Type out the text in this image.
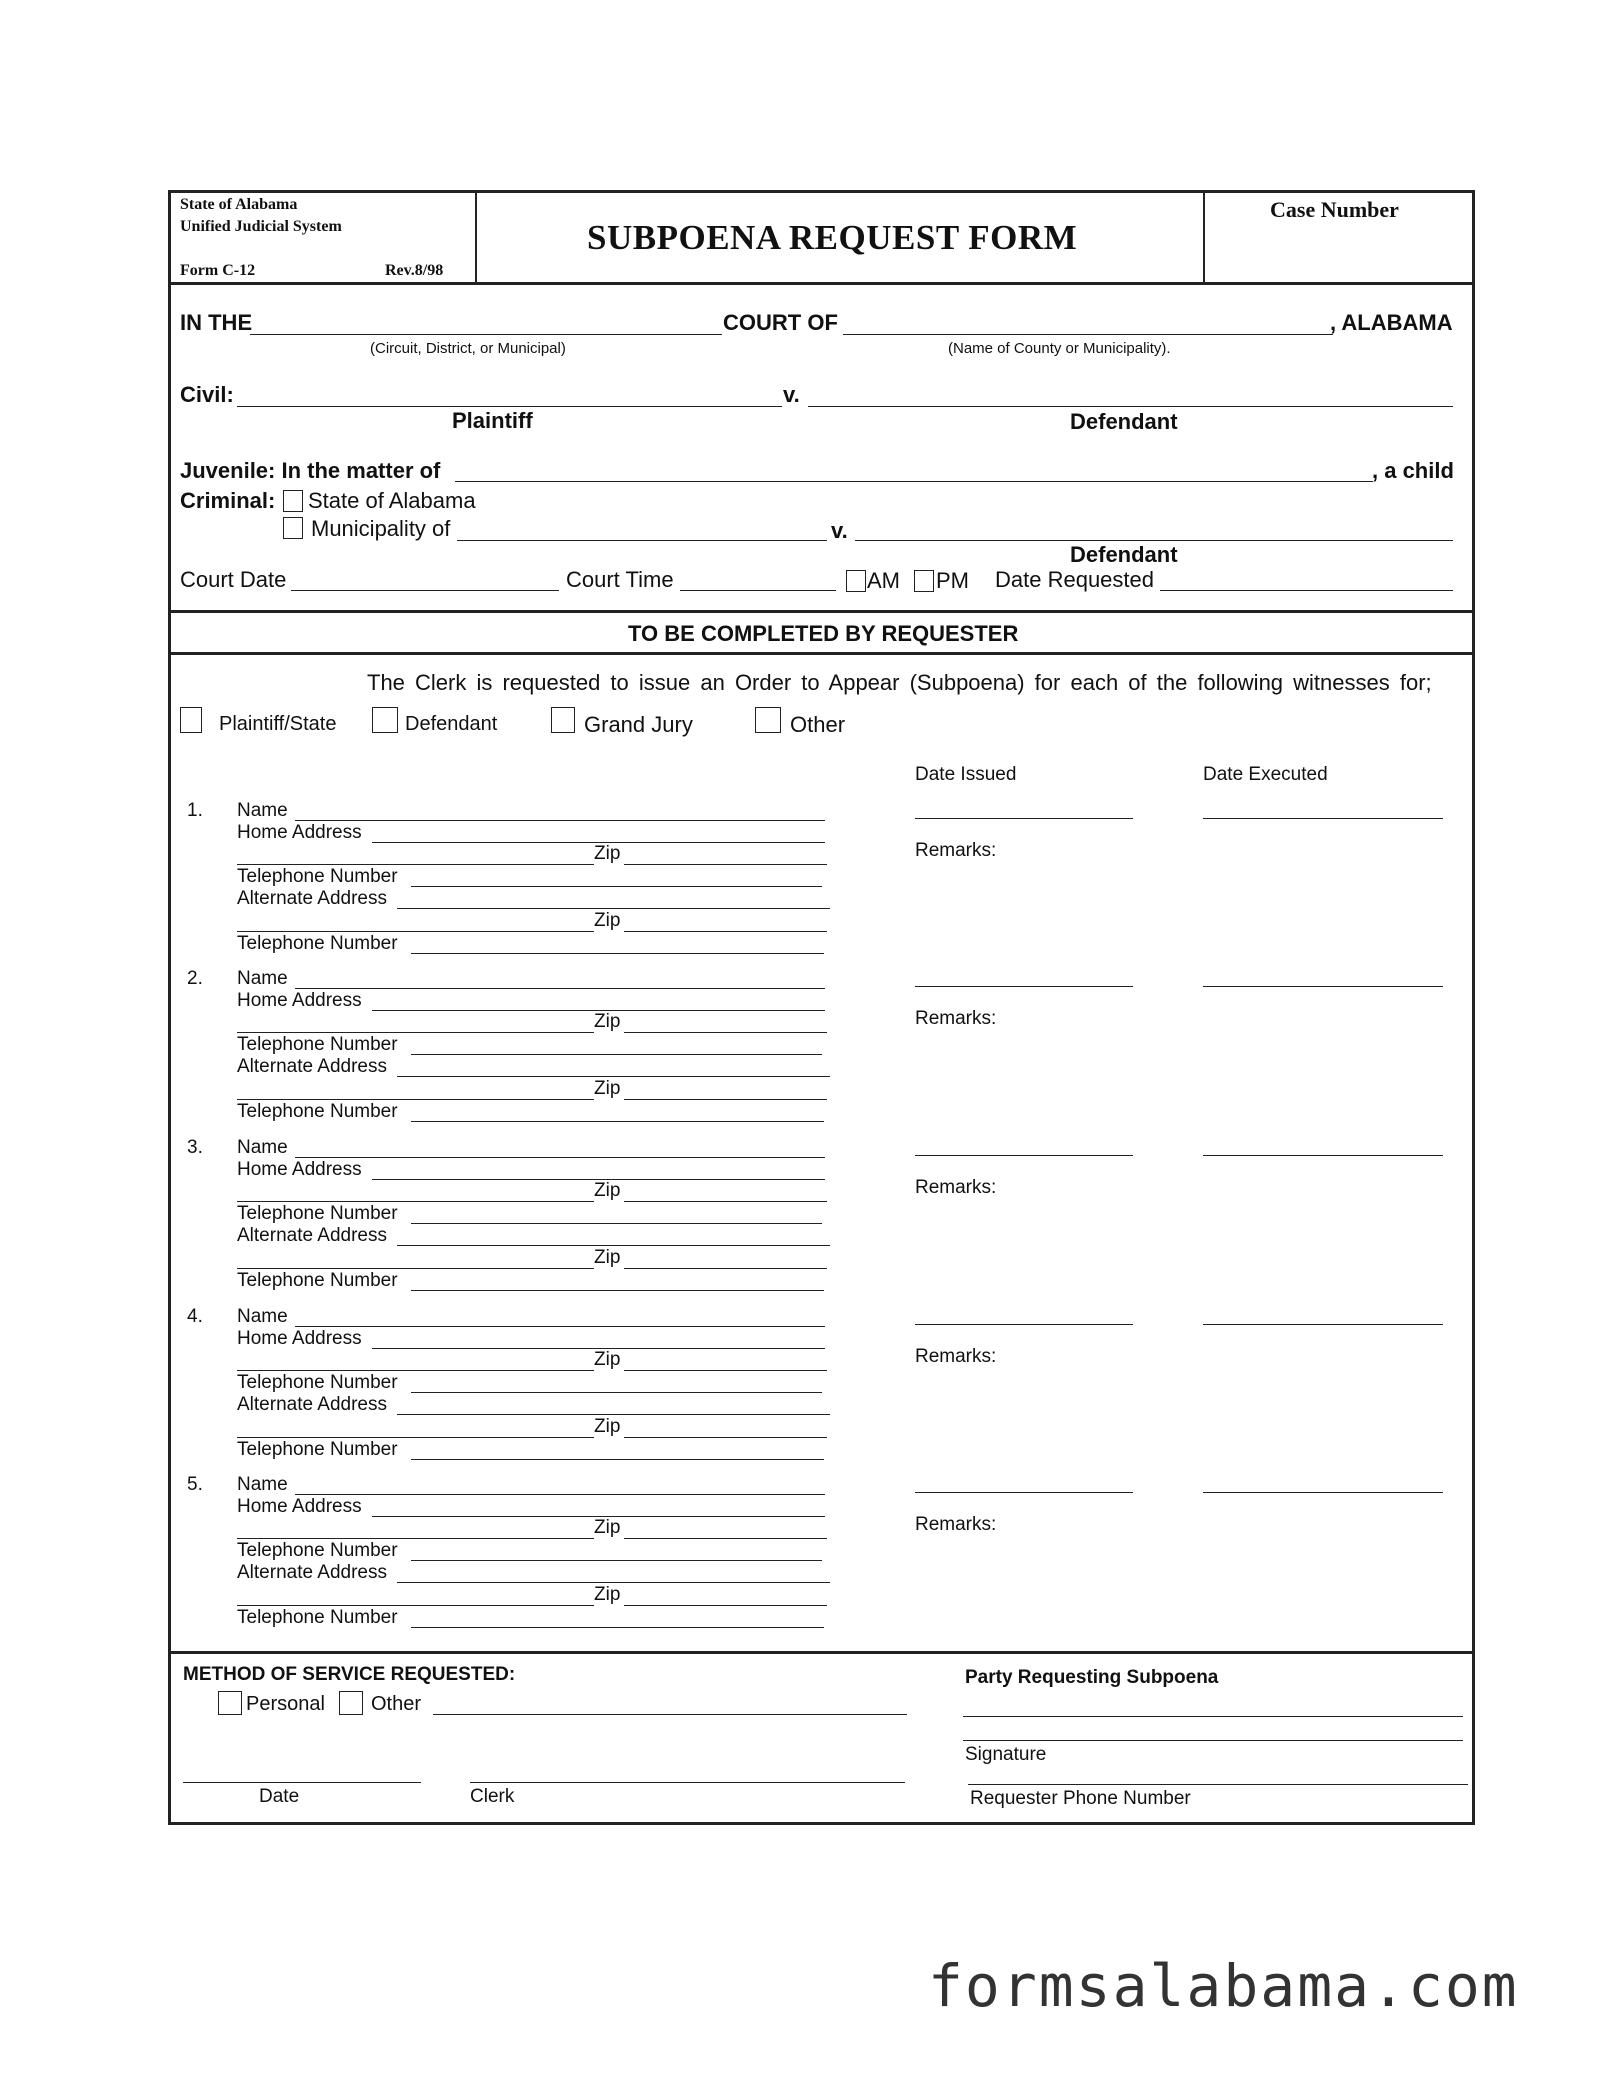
State of Alabama
Unified Judicial System
Form C-12	Rev.8/98
SUBPOENA REQUEST FORM
Case Number
IN THE	COURT OF	, ALABAMA
(Circuit, District, or Municipal)	(Name of County or Municipality).
Civil:	v.
Plaintiff	Defendant
Juvenile: In the matter of	, a child
Criminal: State of Alabama
Municipality of	v.
Defendant
Court Date	Court Time	AM PM Date Requested
TO BE COMPLETED BY REQUESTER
The Clerk is requested to issue an Order to Appear (Subpoena) for each of the following witnesses for;
Plaintiff/State	Defendant	Grand Jury	Other
Date Issued	Date Executed
1. Name
Home Address
Zip
Telephone Number
Alternate Address
Zip
Telephone Number
Remarks:
2. Name
Home Address
Zip
Telephone Number
Alternate Address
Zip
Telephone Number
Remarks:
3. Name
Home Address
Zip
Telephone Number
Alternate Address
Zip
Telephone Number
Remarks:
4. Name
Home Address
Zip
Telephone Number
Alternate Address
Zip
Telephone Number
Remarks:
5. Name
Home Address
Zip
Telephone Number
Alternate Address
Zip
Telephone Number
Remarks:
METHOD OF SERVICE REQUESTED:
Personal Other
Date	Clerk
Party Requesting Subpoena
Signature
Requester Phone Number
formsalabama.com
